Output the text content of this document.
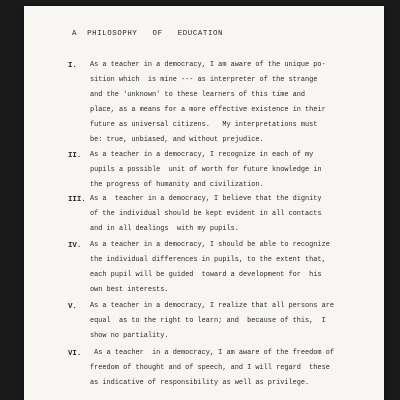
A  PHILOSOPHY   OF   EDUCATION
I. As a teacher in a democracy, I am aware of the unique po-
sition which  is mine --- as interpreter of the strange
and the 'unknown' to these learners of this time and
place, as a means for a more effective existence in their
future as universal citizens.   My interpretations must
be: true, unbiased, and without prejudice.
II. As a teacher in a democracy, I recognize in each of my
pupils a possible  unit of worth for future knowledge in
the progress of humanity and civilization.
III. As a  teacher in a democracy, I believe that the dignity
of the individual should be kept evident in all contacts
and in all dealings  with my pupils.
IV. As a teacher in a democracy, I should be able to recognize
the individual differences in pupils, to the extent that,
each pupil will be guided  toward a development for  his
own best interests.
V. As a teacher in a democracy, I realize that all persons are
equal  as to the right to learn; and  because of this,  I
show no partiality.
VI. As a teacher  in a democracy, I am aware of the freedom of
freedom of thought and of speech, and I will regard  these
as indicative of responsibility as well as privilege.
